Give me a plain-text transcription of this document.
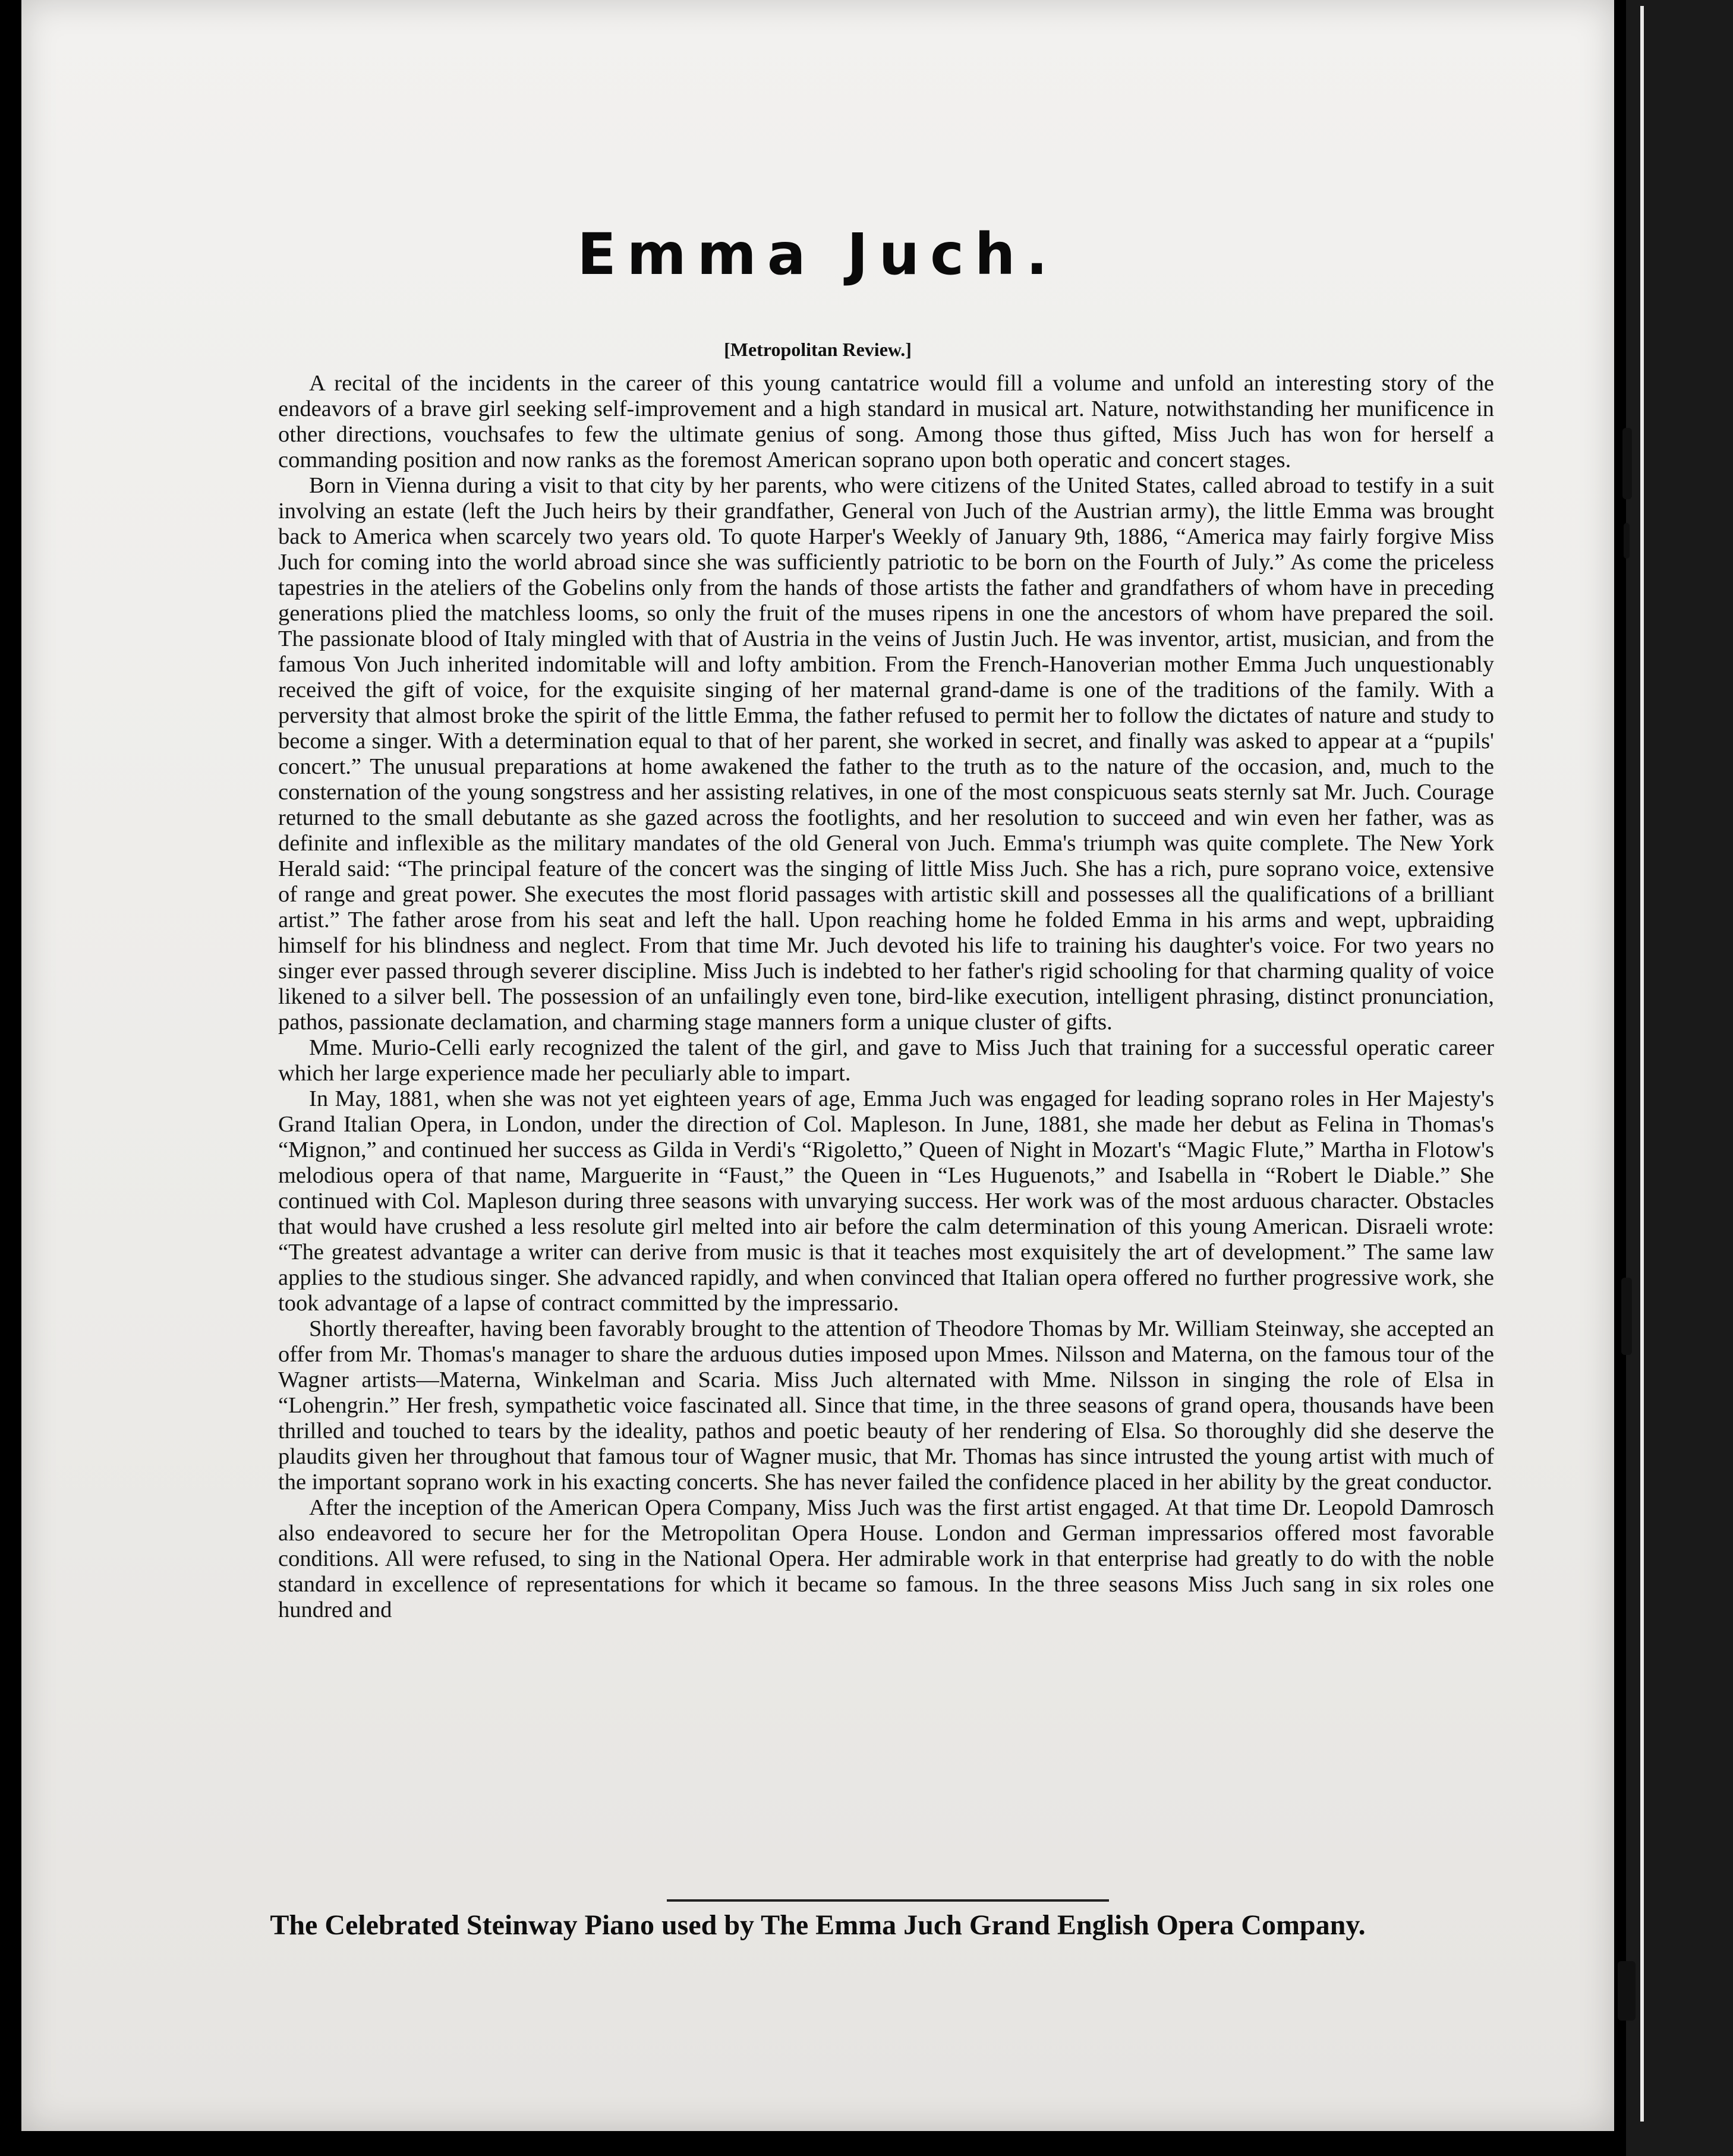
Emma Juch.
[Metropolitan Review.]

A recital of the incidents in the career of this young cantatrice would fill a volume and unfold an interesting story of the endeavors of a brave girl seeking self-improvement and a high standard in musical art. Nature, notwithstanding her munificence in other directions, vouchsafes to few the ultimate genius of song. Among those thus gifted, Miss Juch has won for herself a commanding position and now ranks as the foremost American soprano upon both operatic and concert stages.

Born in Vienna during a visit to that city by her parents, who were citizens of the United States, called abroad to testify in a suit involving an estate (left the Juch heirs by their grandfather, General von Juch of the Austrian army), the little Emma was brought back to America when scarcely two years old. To quote Harper's Weekly of January 9th, 1886, “America may fairly forgive Miss Juch for coming into the world abroad since she was sufficiently patriotic to be born on the Fourth of July.” As come the priceless tapestries in the ateliers of the Gobelins only from the hands of those artists the father and grandfathers of whom have in preceding generations plied the matchless looms, so only the fruit of the muses ripens in one the ancestors of whom have prepared the soil. The passionate blood of Italy mingled with that of Austria in the veins of Justin Juch. He was inventor, artist, musician, and from the famous Von Juch inherited indomitable will and lofty ambition. From the French-Hanoverian mother Emma Juch unquestionably received the gift of voice, for the exquisite singing of her maternal grand-dame is one of the traditions of the family. With a perversity that almost broke the spirit of the little Emma, the father refused to permit her to follow the dictates of nature and study to become a singer. With a determination equal to that of her parent, she worked in secret, and finally was asked to appear at a “pupils' concert.” The unusual preparations at home awakened the father to the truth as to the nature of the occasion, and, much to the consternation of the young songstress and her assisting relatives, in one of the most conspicuous seats sternly sat Mr. Juch. Courage returned to the small debutante as she gazed across the footlights, and her resolution to succeed and win even her father, was as definite and inflexible as the military mandates of the old General von Juch. Emma's triumph was quite complete. The New York Herald said: “The principal feature of the concert was the singing of little Miss Juch. She has a rich, pure soprano voice, extensive of range and great power. She executes the most florid passages with artistic skill and possesses all the qualifications of a brilliant artist.” The father arose from his seat and left the hall. Upon reaching home he folded Emma in his arms and wept, upbraiding himself for his blindness and neglect. From that time Mr. Juch devoted his life to training his daughter's voice. For two years no singer ever passed through severer discipline. Miss Juch is indebted to her father's rigid schooling for that charming quality of voice likened to a silver bell. The possession of an unfailingly even tone, bird-like execution, intelligent phrasing, distinct pronunciation, pathos, passionate declamation, and charming stage manners form a unique cluster of gifts.

Mme. Murio-Celli early recognized the talent of the girl, and gave to Miss Juch that training for a successful operatic career which her large experience made her peculiarly able to impart.

In May, 1881, when she was not yet eighteen years of age, Emma Juch was engaged for leading soprano roles in Her Majesty's Grand Italian Opera, in London, under the direction of Col. Mapleson. In June, 1881, she made her debut as Felina in Thomas's “Mignon,” and continued her success as Gilda in Verdi's “Rigoletto,” Queen of Night in Mozart's “Magic Flute,” Martha in Flotow's melodious opera of that name, Marguerite in “Faust,” the Queen in “Les Huguenots,” and Isabella in “Robert le Diable.” She continued with Col. Mapleson during three seasons with unvarying success. Her work was of the most arduous character. Obstacles that would have crushed a less resolute girl melted into air before the calm determination of this young American. Disraeli wrote: “The greatest advantage a writer can derive from music is that it teaches most exquisitely the art of development.” The same law applies to the studious singer. She advanced rapidly, and when convinced that Italian opera offered no further progressive work, she took advantage of a lapse of contract committed by the impressario.

Shortly thereafter, having been favorably brought to the attention of Theodore Thomas by Mr. William Steinway, she accepted an offer from Mr. Thomas's manager to share the arduous duties imposed upon Mmes. Nilsson and Materna, on the famous tour of the Wagner artists—Materna, Winkelman and Scaria. Miss Juch alternated with Mme. Nilsson in singing the role of Elsa in “Lohengrin.” Her fresh, sympathetic voice fascinated all. Since that time, in the three seasons of grand opera, thousands have been thrilled and touched to tears by the ideality, pathos and poetic beauty of her rendering of Elsa. So thoroughly did she deserve the plaudits given her throughout that famous tour of Wagner music, that Mr. Thomas has since intrusted the young artist with much of the important soprano work in his exacting concerts. She has never failed the confidence placed in her ability by the great conductor.

After the inception of the American Opera Company, Miss Juch was the first artist engaged. At that time Dr. Leopold Damrosch also endeavored to secure her for the Metropolitan Opera House. London and German impressarios offered most favorable conditions. All were refused, to sing in the National Opera. Her admirable work in that enterprise had greatly to do with the noble standard in excellence of representations for which it became so famous. In the three seasons Miss Juch sang in six roles one hundred and

The Celebrated Steinway Piano used by The Emma Juch Grand English Opera Company.
